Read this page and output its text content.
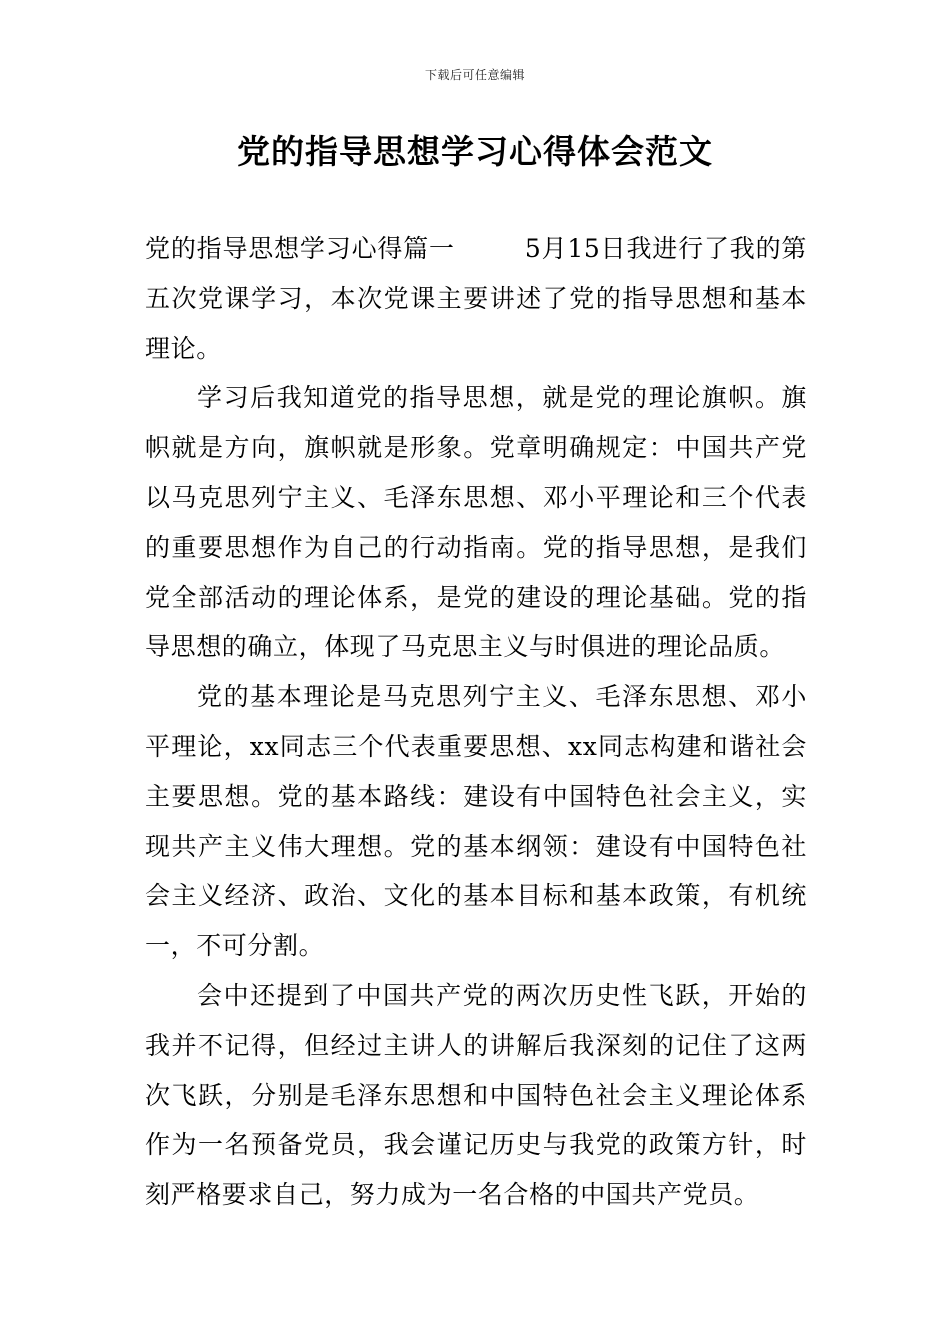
下载后可任意编辑
党的指导思想学习心得体会范文

党的指导思想学习心得篇一	5月15日我进行了我的第五次党课学习，本次党课主要讲述了党的指导思想和基本理论。

学习后我知道党的指导思想，就是党的理论旗帜。旗帜就是方向，旗帜就是形象。党章明确规定：中国共产党以马克思列宁主义、毛泽东思想、邓小平理论和三个代表的重要思想作为自己的行动指南。党的指导思想，是我们党全部活动的理论体系，是党的建设的理论基础。党的指导思想的确立，体现了马克思主义与时俱进的理论品质。

党的基本理论是马克思列宁主义、毛泽东思想、邓小平理论，xx同志三个代表重要思想、xx同志构建和谐社会主要思想。党的基本路线：建设有中国特色社会主义，实现共产主义伟大理想。党的基本纲领：建设有中国特色社会主义经济、政治、文化的基本目标和基本政策，有机统一，不可分割。

会中还提到了中国共产党的两次历史性飞跃，开始的我并不记得，但经过主讲人的讲解后我深刻的记住了这两次飞跃，分别是毛泽东思想和中国特色社会主义理论体系作为一名预备党员，我会谨记历史与我党的政策方针，时刻严格要求自己，努力成为一名合格的中国共产党员。
